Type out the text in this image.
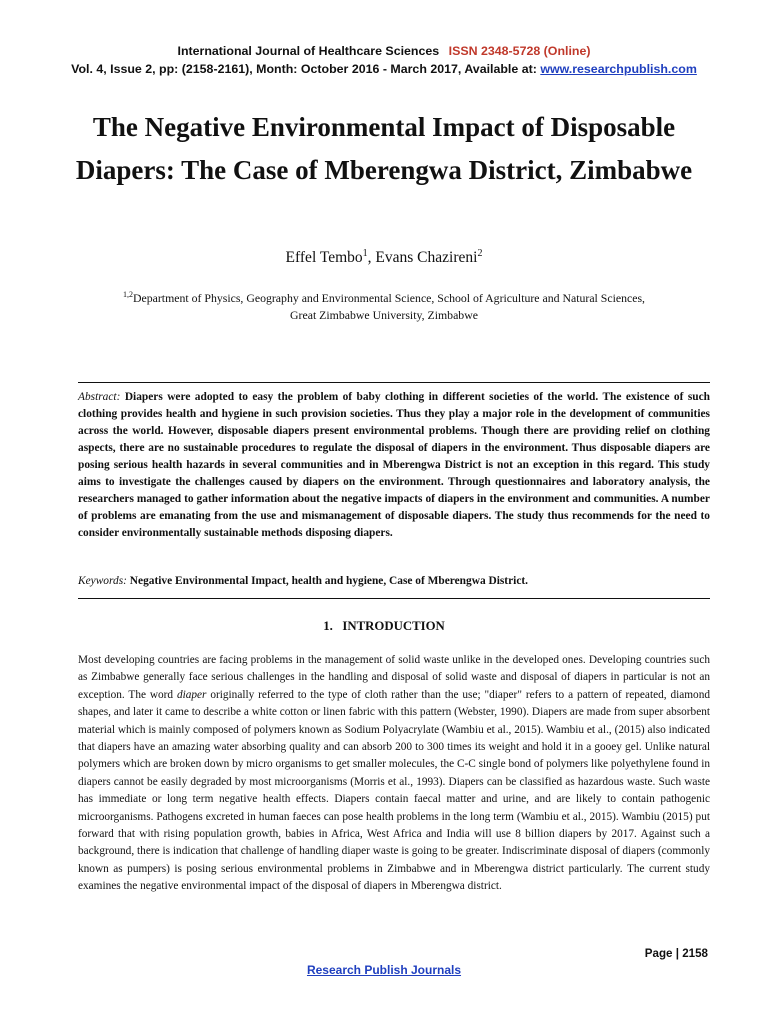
International Journal of Healthcare Sciences ISSN 2348-5728 (Online)
Vol. 4, Issue 2, pp: (2158-2161), Month: October 2016 - March 2017, Available at: www.researchpublish.com
The Negative Environmental Impact of Disposable Diapers: The Case of Mberengwa District, Zimbabwe
Effel Tembo$^1$, Evans Chazireni$^2$
$^{1,2}$Department of Physics, Geography and Environmental Science, School of Agriculture and Natural Sciences,
Great Zimbabwe University, Zimbabwe
Abstract: Diapers were adopted to easy the problem of baby clothing in different societies of the world. The existence of such clothing provides health and hygiene in such provision societies. Thus they play a major role in the development of communities across the world. However, disposable diapers present environmental problems. Though there are providing relief on clothing aspects, there are no sustainable procedures to regulate the disposal of diapers in the environment. Thus disposable diapers are posing serious health hazards in several communities and in Mberengwa District is not an exception in this regard. This study aims to investigate the challenges caused by diapers on the environment. Through questionnaires and laboratory analysis, the researchers managed to gather information about the negative impacts of diapers in the environment and communities. A number of problems are emanating from the use and mismanagement of disposable diapers. The study thus recommends for the need to consider environmentally sustainable methods disposing diapers.
Keywords: Negative Environmental Impact, health and hygiene, Case of Mberengwa District.
1.   INTRODUCTION
Most developing countries are facing problems in the management of solid waste unlike in the developed ones. Developing countries such as Zimbabwe generally face serious challenges in the handling and disposal of solid waste and disposal of diapers in particular is not an exception. The word diaper originally referred to the type of cloth rather than the use; "diaper" refers to a pattern of repeated, diamond shapes, and later it came to describe a white cotton or linen fabric with this pattern (Webster, 1990). Diapers are made from super absorbent material which is mainly composed of polymers known as Sodium Polyacrylate (Wambiu et al., 2015). Wambiu et al., (2015) also indicated that diapers have an amazing water absorbing quality and can absorb 200 to 300 times its weight and hold it in a gooey gel. Unlike natural polymers which are broken down by micro organisms to get smaller molecules, the C-C single bond of polymers like polyethylene found in diapers cannot be easily degraded by most microorganisms (Morris et al., 1993). Diapers can be classified as hazardous waste. Such waste has immediate or long term negative health effects. Diapers contain faecal matter and urine, and are likely to contain pathogenic microorganisms. Pathogens excreted in human faeces can pose health problems in the long term (Wambiu et al., 2015). Wambiu (2015) put forward that with rising population growth, babies in Africa, West Africa and India will use 8 billion diapers by 2017. Against such a background, there is indication that challenge of handling diaper waste is going to be greater. Indiscriminate disposal of diapers (commonly known as pumpers) is posing serious environmental problems in Zimbabwe and in Mberengwa district particularly. The current study examines the negative environmental impact of the disposal of diapers in Mberengwa district.
Page | 2158
Research Publish Journals
